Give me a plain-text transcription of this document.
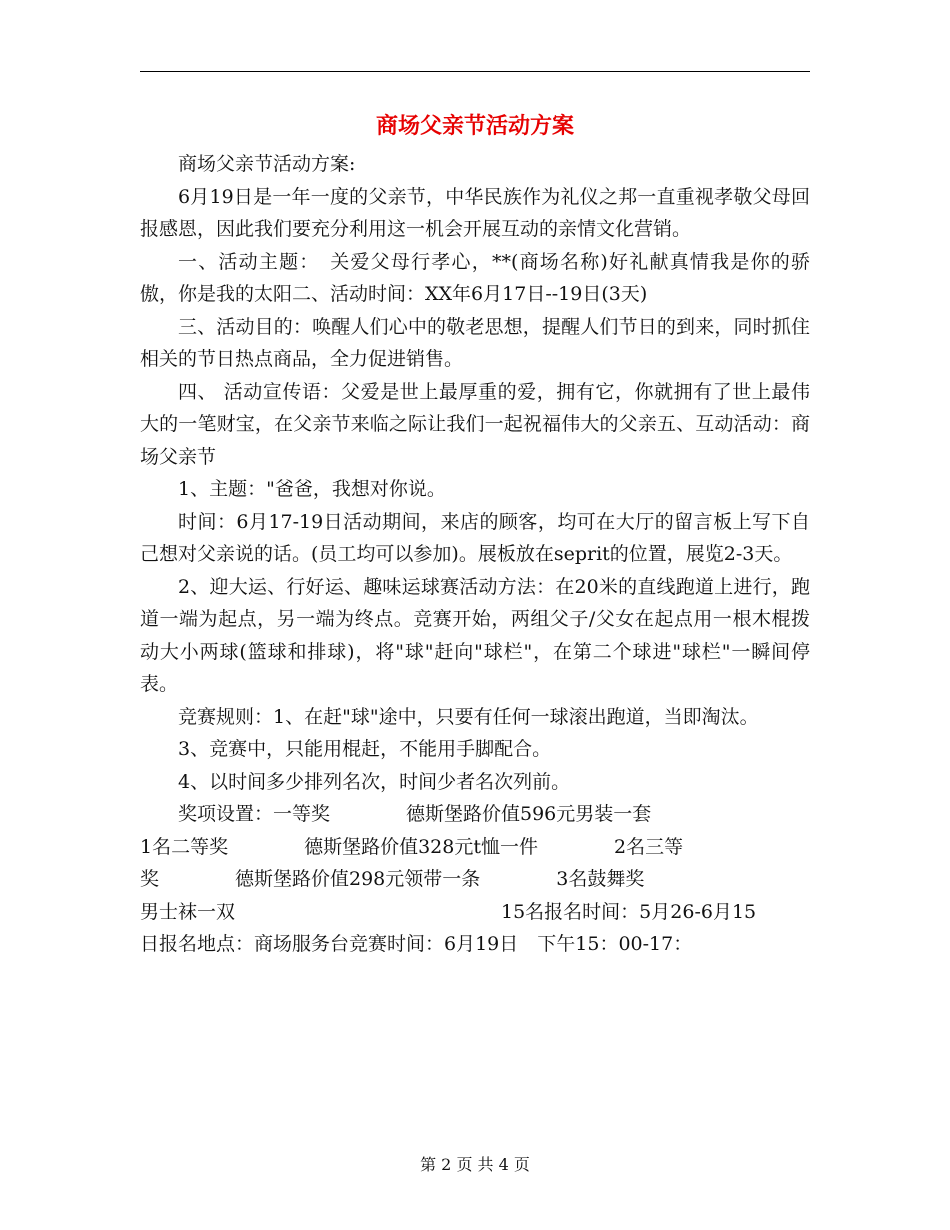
商场父亲节活动方案

商场父亲节活动方案:

6月19日是一年一度的父亲节，中华民族作为礼仪之邦一直重视孝敬父母回报感恩，因此我们要充分利用这一机会开展互动的亲情文化营销。

一、活动主题：　关爱父母行孝心，**(商场名称)好礼献真情我是你的骄傲，你是我的太阳二、活动时间：XX年6月17日--19日(3天)

三、活动目的：唤醒人们心中的敬老思想，提醒人们节日的到来，同时抓住相关的节日热点商品，全力促进销售。

四、 活动宣传语：父爱是世上最厚重的爱，拥有它，你就拥有了世上最伟大的一笔财宝，在父亲节来临之际让我们一起祝福伟大的父亲五、互动活动：商场父亲节

1、主题："爸爸，我想对你说。

时间：6月17-19日活动期间，来店的顾客，均可在大厅的留言板上写下自己想对父亲说的话。(员工均可以参加)。展板放在seprit的位置，展览2-3天。

2、迎大运、行好运、趣味运球赛活动方法：在20米的直线跑道上进行，跑道一端为起点，另一端为终点。竞赛开始，两组父子/父女在起点用一根木棍拨动大小两球(篮球和排球)，将"球"赶向"球栏"，在第二个球进"球栏"一瞬间停表。

竞赛规则：1、在赶"球"途中，只要有任何一球滚出跑道，当即淘汰。

3、竞赛中，只能用棍赶，不能用手脚配合。

4、以时间多少排列名次，时间少者名次列前。

　　奖项设置：一等奖　　　　德斯堡路价值596元男装一套
1名二等奖　　　　德斯堡路价值328元t恤一件　　　　2名三等
奖　　　　德斯堡路价值298元领带一条　　　　3名鼓舞奖
男士袜一双　　　　　　　　　　　　　　15名报名时间：5月26-6月15
日报名地点：商场服务台竞赛时间：6月19日　下午15：00-17：
第 2 页 共 4 页
